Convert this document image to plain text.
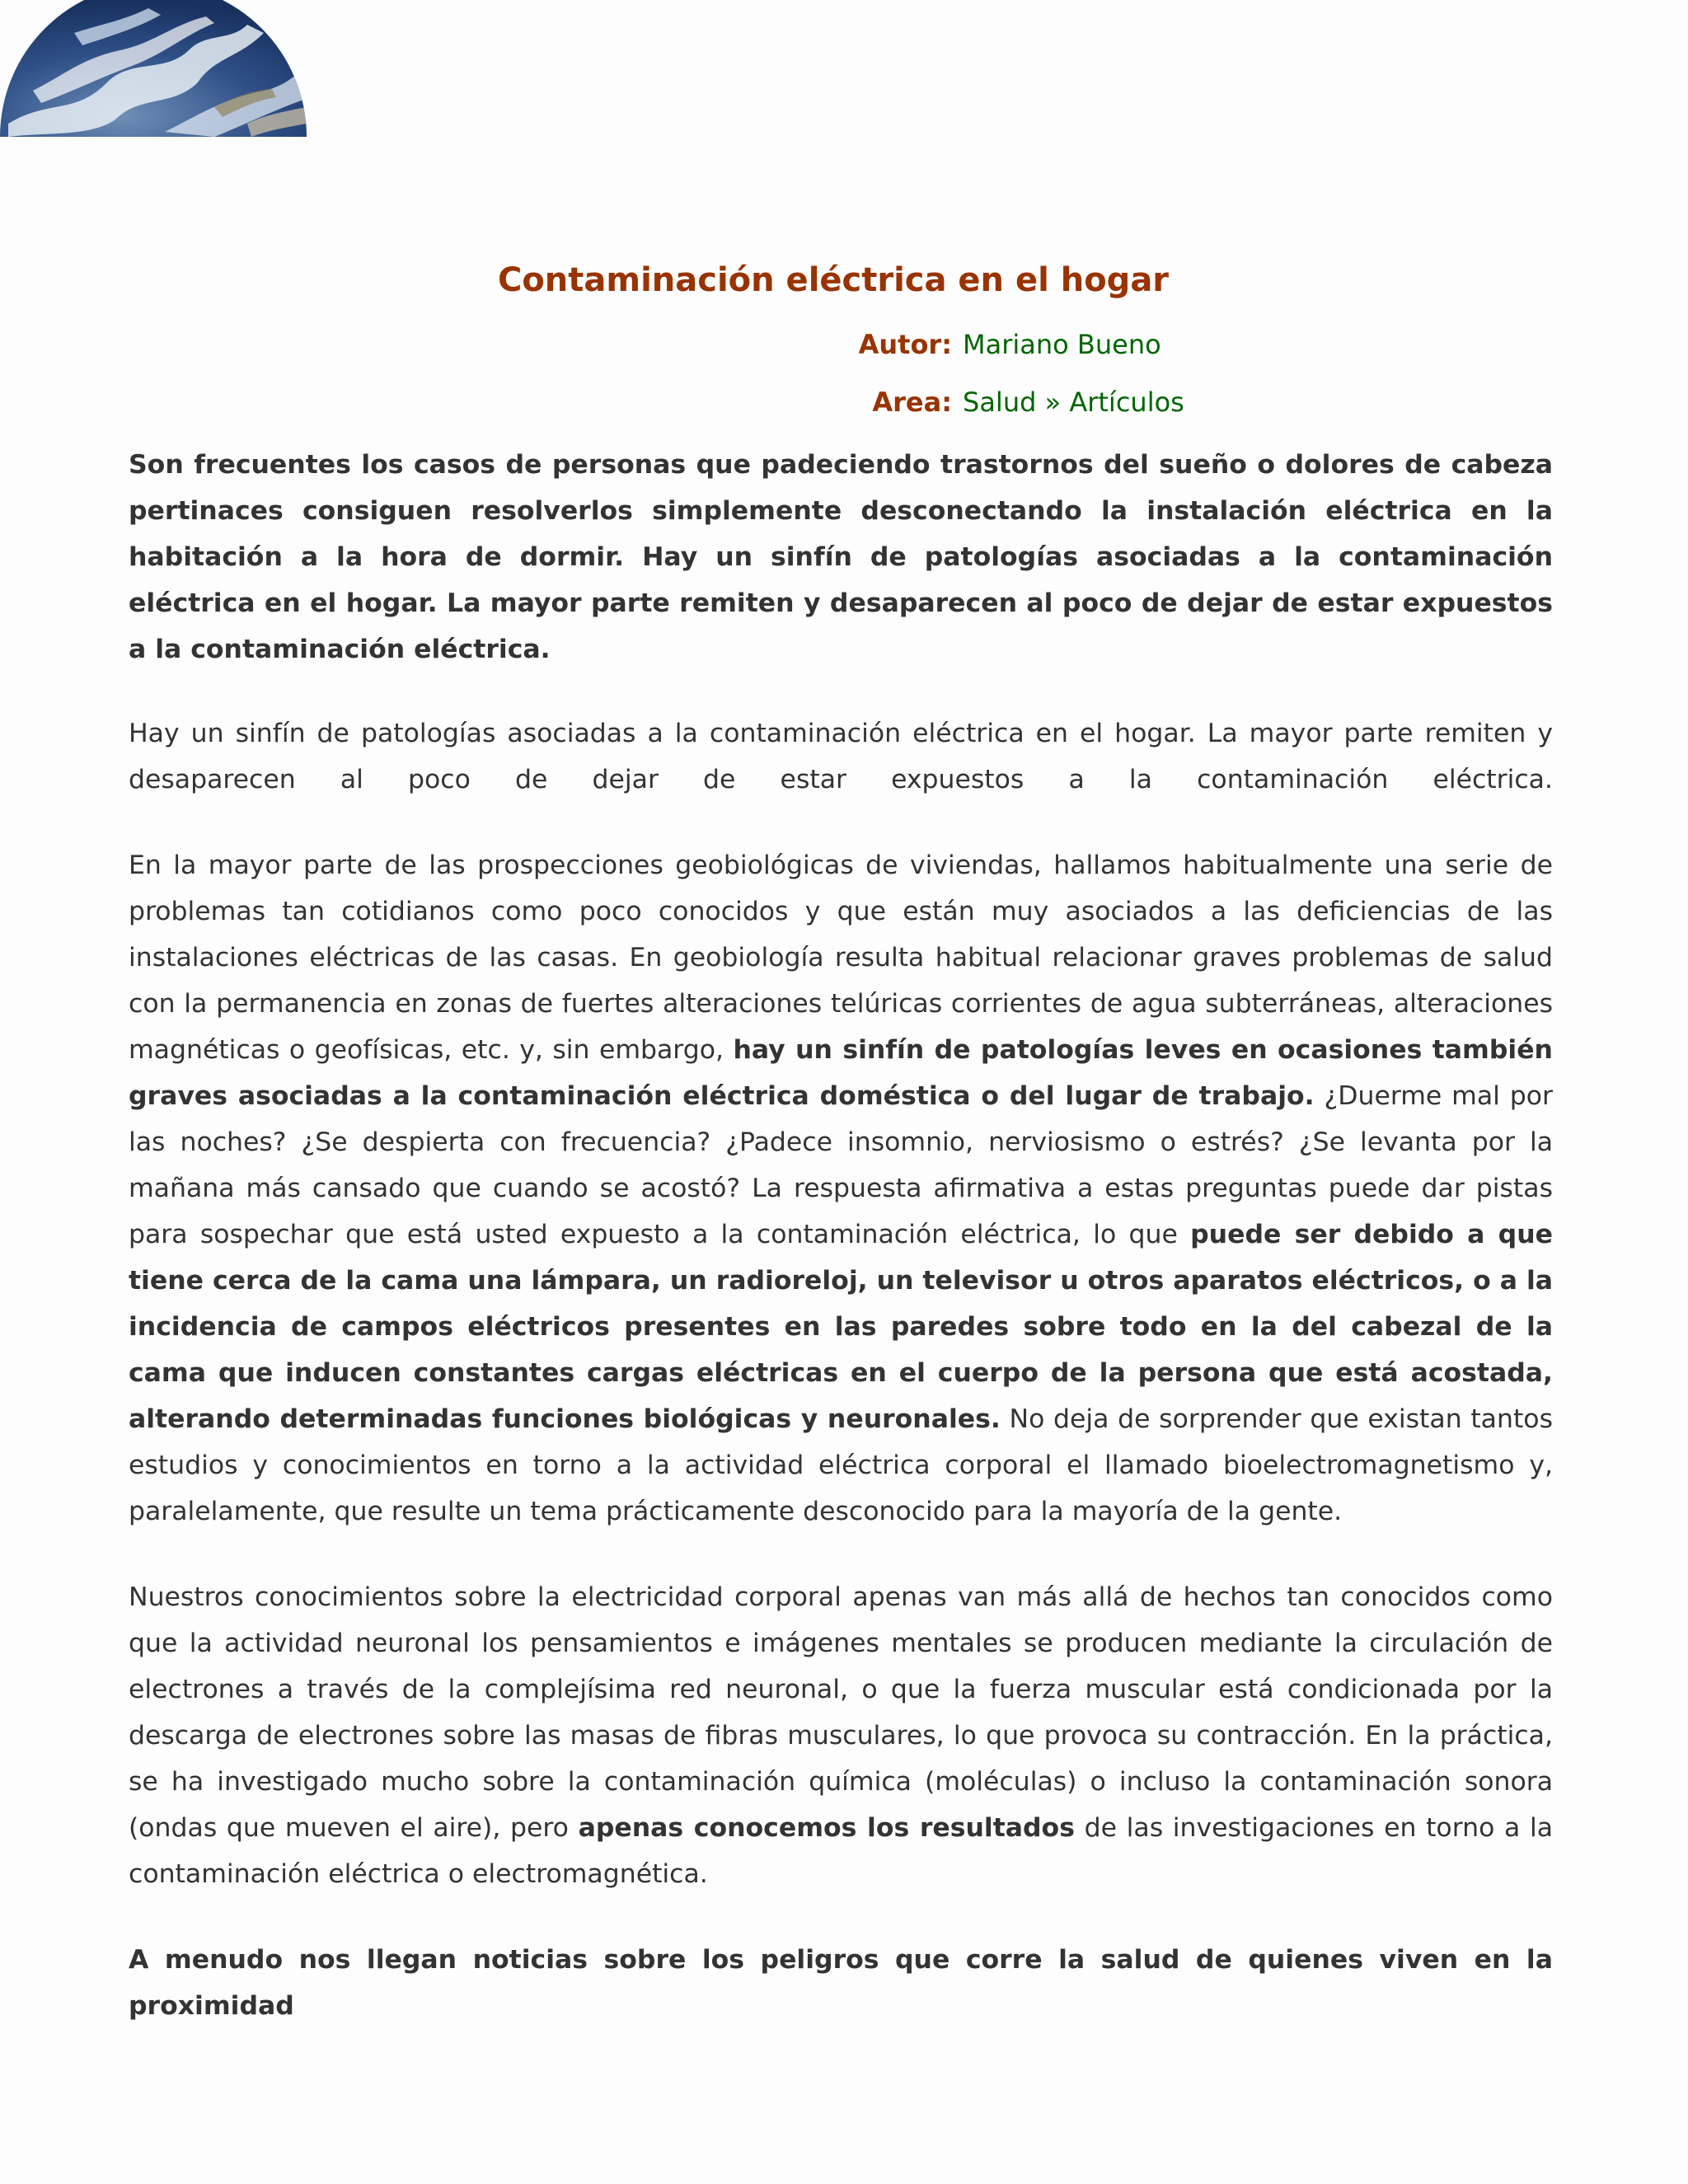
Contaminación eléctrica en el hogar
Autor: Mariano Bueno
Area: Salud » Artículos

Son frecuentes los casos de personas que padeciendo trastornos del sueño o dolores de cabeza pertinaces consiguen resolverlos simplemente desconectando la instalación eléctrica en la habitación a la hora de dormir. Hay un sinfín de patologías asociadas a la contaminación eléctrica en el hogar. La mayor parte remiten y desaparecen al poco de dejar de estar expuestos a la contaminación eléctrica.

Hay un sinfín de patologías asociadas a la contaminación eléctrica en el hogar. La mayor parte remiten y desaparecen al poco de dejar de estar expuestos a la contaminación eléctrica.

En la mayor parte de las prospecciones geobiológicas de viviendas, hallamos habitualmente una serie de problemas tan cotidianos como poco conocidos y que están muy asociados a las deficiencias de las instalaciones eléctricas de las casas. En geobiología resulta habitual relacionar graves problemas de salud con la permanencia en zonas de fuertes alteraciones telúricas corrientes de agua subterráneas, alteraciones magnéticas o geofísicas, etc. y, sin embargo, hay un sinfín de patologías leves en ocasiones también graves asociadas a la contaminación eléctrica doméstica o del lugar de trabajo. ¿Duerme mal por las noches? ¿Se despierta con frecuencia? ¿Padece insomnio, nerviosismo o estrés? ¿Se levanta por la mañana más cansado que cuando se acostó? La respuesta afirmativa a estas preguntas puede dar pistas para sospechar que está usted expuesto a la contaminación eléctrica, lo que puede ser debido a que tiene cerca de la cama una lámpara, un radioreloj, un televisor u otros aparatos eléctricos, o a la incidencia de campos eléctricos presentes en las paredes sobre todo en la del cabezal de la cama que inducen constantes cargas eléctricas en el cuerpo de la persona que está acostada, alterando determinadas funciones biológicas y neuronales. No deja de sorprender que existan tantos estudios y conocimientos en torno a la actividad eléctrica corporal el llamado bioelectromagnetismo y, paralelamente, que resulte un tema prácticamente desconocido para la mayoría de la gente.

Nuestros conocimientos sobre la electricidad corporal apenas van más allá de hechos tan conocidos como que la actividad neuronal los pensamientos e imágenes mentales se producen mediante la circulación de electrones a través de la complejísima red neuronal, o que la fuerza muscular está condicionada por la descarga de electrones sobre las masas de fibras musculares, lo que provoca su contracción. En la práctica, se ha investigado mucho sobre la contaminación química (moléculas) o incluso la contaminación sonora (ondas que mueven el aire), pero apenas conocemos los resultados de las investigaciones en torno a la contaminación eléctrica o electromagnética.

A menudo nos llegan noticias sobre los peligros que corre la salud de quienes viven en la proximidad
